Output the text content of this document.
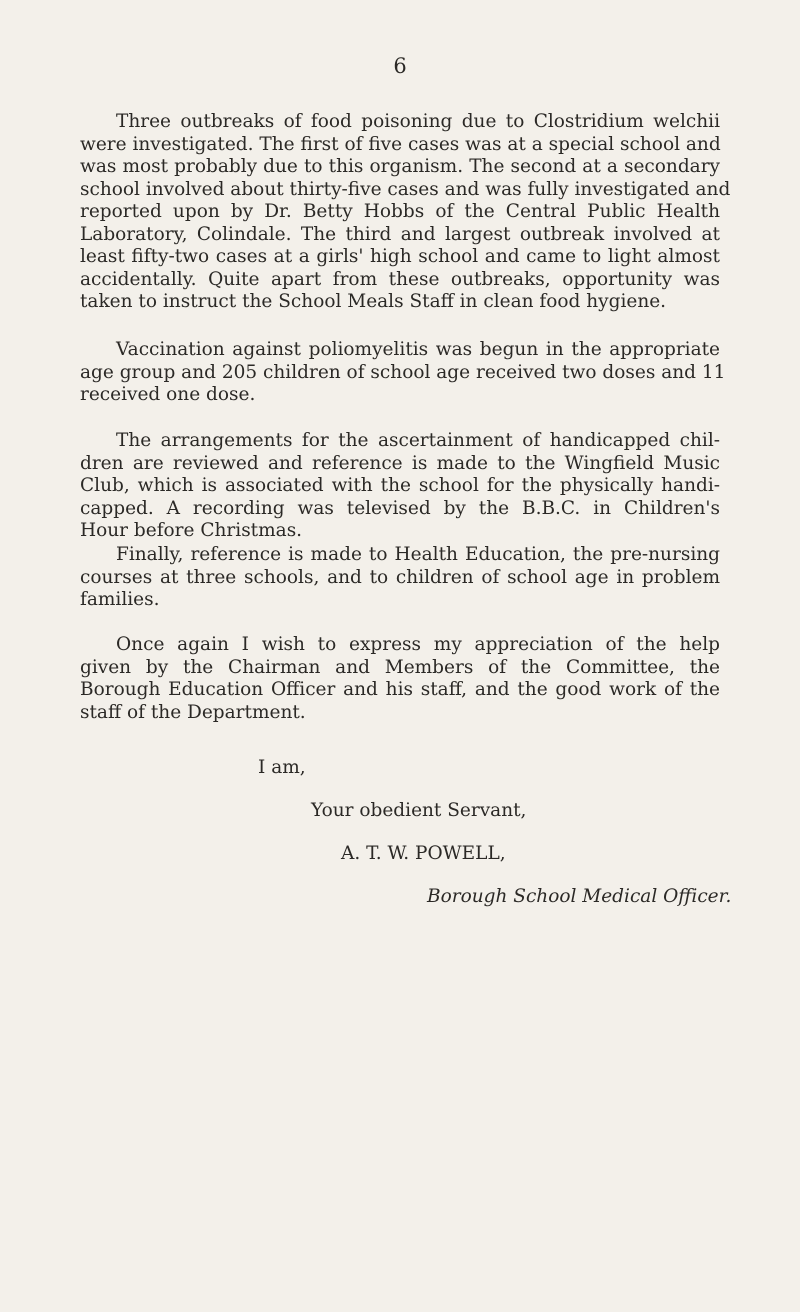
6
Three outbreaks of food poisoning due to Clostridium welchii
were investigated. The first of five cases was at a special school and
was most probably due to this organism. The second at a secondary
school involved about thirty-five cases and was fully investigated and
reported upon by Dr. Betty Hobbs of the Central Public Health
Laboratory, Colindale. The third and largest outbreak involved at
least fifty-two cases at a girls' high school and came to light almost
accidentally. Quite apart from these outbreaks, opportunity was
taken to instruct the School Meals Staff in clean food hygiene.
Vaccination against poliomyelitis was begun in the appropriate
age group and 205 children of school age received two doses and 11
received one dose.
The arrangements for the ascertainment of handicapped chil-
dren are reviewed and reference is made to the Wingfield Music
Club, which is associated with the school for the physically handi-
capped. A recording was televised by the B.B.C. in Children's
Hour before Christmas.
Finally, reference is made to Health Education, the pre-nursing
courses at three schools, and to children of school age in problem
families.
Once again I wish to express my appreciation of the help
given by the Chairman and Members of the Committee, the
Borough Education Officer and his staff, and the good work of the
staff of the Department.
I am,
Your obedient Servant,
A. T. W. POWELL,
Borough School Medical Officer.
